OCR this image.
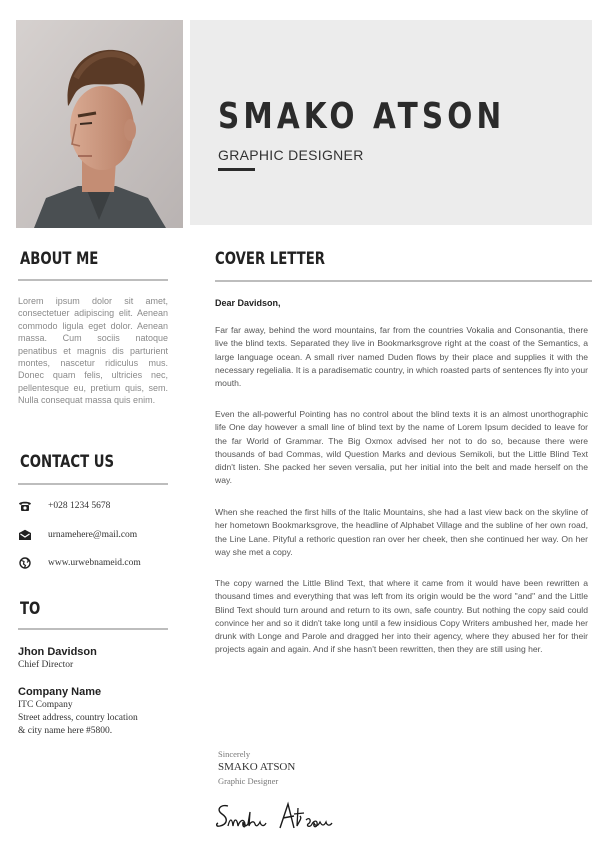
SMAKO ATSON
GRAPHIC DESIGNER
ABOUT ME
Lorem ipsum dolor sit amet, consectetuer adipiscing elit. Aenean commodo ligula eget dolor. Aenean massa. Cum sociis natoque penatibus et magnis dis parturient montes, nascetur ridiculus mus. Donec quam felis, ultricies nec, pellentesque eu, pretium quis, sem. Nulla consequat massa quis enim.
CONTACT US
+028 1234 5678
urnamehere@mail.com
www.urwebnameid.com
TO
Jhon Davidson
Chief Director
Company Name
ITC Company
Street address, country location
& city name here #5800.
COVER LETTER
Dear Davidson,
Far far away, behind the word mountains, far from the countries Vokalia and Consonantia, there live the blind texts. Separated they live in Bookmarksgrove right at the coast of the Semantics, a large language ocean. A small river named Duden flows by their place and supplies it with the necessary regelialia. It is a paradisematic country, in which roasted parts of sentences fly into your mouth.
Even the all-powerful Pointing has no control about the blind texts it is an almost unorthographic life One day however a small line of blind text by the name of Lorem Ipsum decided to leave for the far World of Grammar. The Big Oxmox advised her not to do so, because there were thousands of bad Commas, wild Question Marks and devious Semikoli, but the Little Blind Text didn't listen. She packed her seven versalia, put her initial into the belt and made herself on the way.
When she reached the first hills of the Italic Mountains, she had a last view back on the skyline of her hometown Bookmarksgrove, the headline of Alphabet Village and the subline of her own road, the Line Lane. Pityful a rethoric question ran over her cheek, then she continued her way. On her way she met a copy.
The copy warned the Little Blind Text, that where it came from it would have been rewritten a thousand times and everything that was left from its origin would be the word "and" and the Little Blind Text should turn around and return to its own, safe country. But nothing the copy said could convince her and so it didn't take long until a few insidious Copy Writers ambushed her, made her drunk with Longe and Parole and dragged her into their agency, where they abused her for their projects again and again. And if she hasn't been rewritten, then they are still using her.
Sincerely
SMAKO ATSON
Graphic Designer
Smako Atson
